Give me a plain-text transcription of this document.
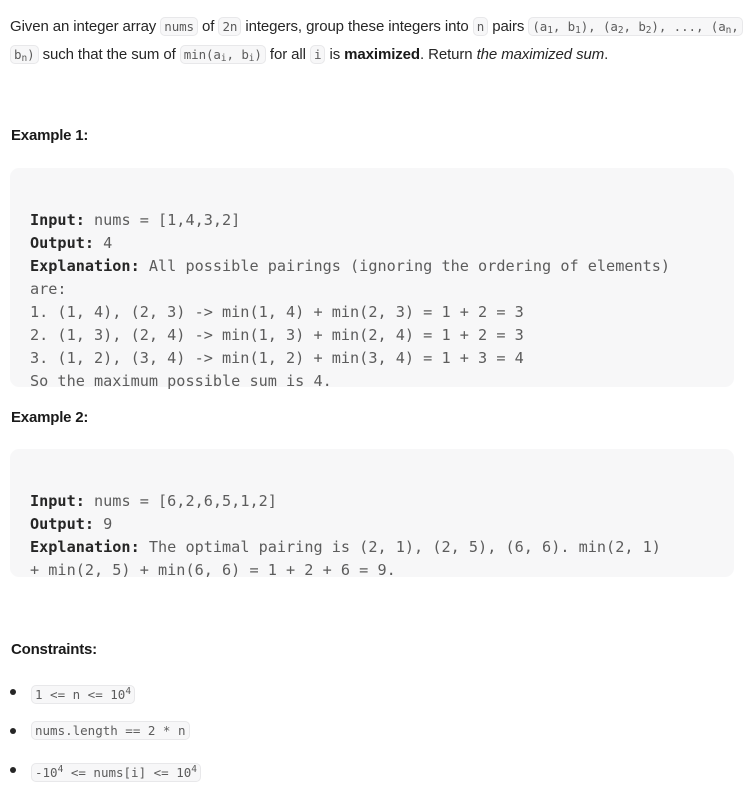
Given an integer array nums of 2n integers, group these integers into n pairs ($a_1$, $b_1$), ($a_2$, $b_2$), ..., ($a_n$, $b_n$) such that the sum of $\min(a_i$, $b_i$) for all i is maximized. Return the maximized sum.
Example 1:

Input: nums = [1,4,3,2]
Output: 4
Explanation: All possible pairings (ignoring the ordering of elements)
are:
1. (1, 4), (2, 3) -> min(1, 4) + min(2, 3) = 1 + 2 = 3
2. (1, 3), (2, 4) -> min(1, 3) + min(2, 4) = 1 + 2 = 3
3. (1, 2), (3, 4) -> min(1, 2) + min(3, 4) = 1 + 3 = 4
So the maximum possible sum is 4.

Example 2:

Input: nums = [6,2,6,5,1,2]
Output: 9
Explanation: The optimal pairing is (2, 1), (2, 5), (6, 6). min(2, 1)
+ min(2, 5) + min(6, 6) = 1 + 2 + 6 = 9.

Constraints:
$1 <= n <= 10^4$
nums.length == 2 * n
$-10^4$ <= nums[i] <= $10^4$
